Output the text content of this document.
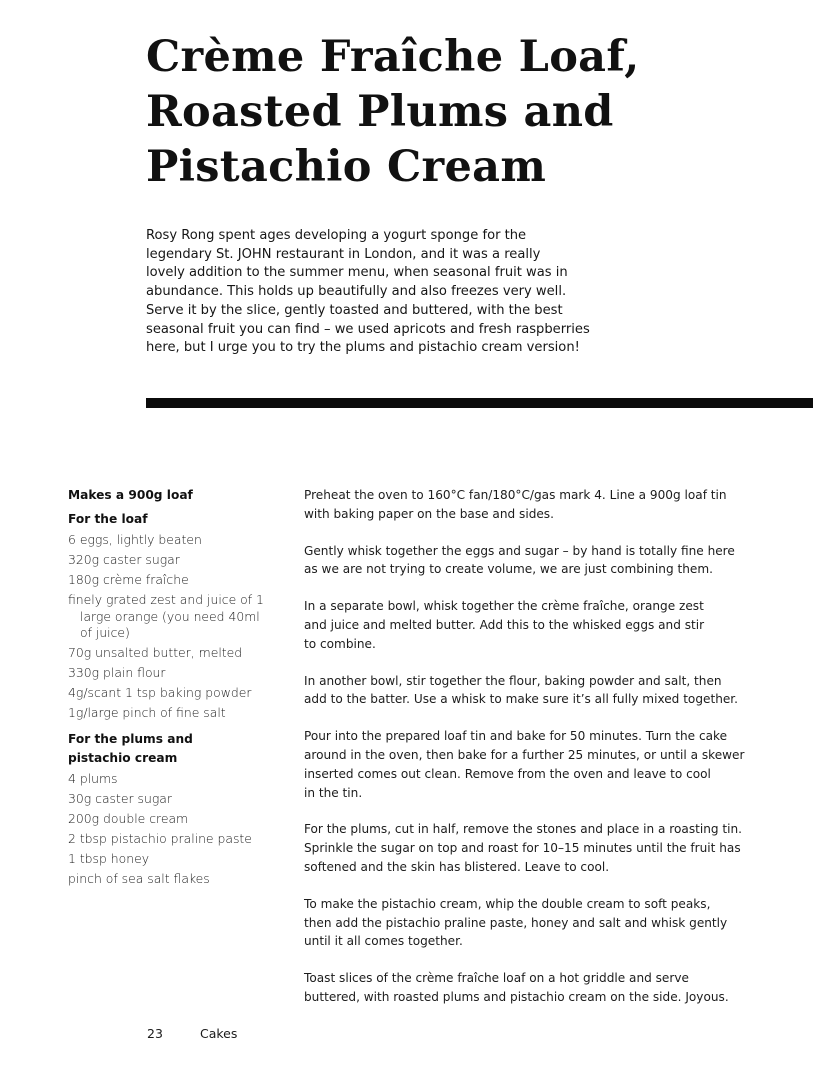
Crème Fraîche Loaf,
Roasted Plums and
Pistachio Cream

Rosy Rong spent ages developing a yogurt sponge for the
legendary St. JOHN restaurant in London, and it was a really
lovely addition to the summer menu, when seasonal fruit was in
abundance. This holds up beautifully and also freezes very well.
Serve it by the slice, gently toasted and buttered, with the best
seasonal fruit you can find – we used apricots and fresh raspberries
here, but I urge you to try the plums and pistachio cream version!

Makes a 900g loaf
For the loaf
6 eggs, lightly beaten
320g caster sugar
180g crème fraîche
finely grated zest and juice of 1
large orange (you need 40ml
of juice)
70g unsalted butter, melted
330g plain flour
4g/scant 1 tsp baking powder
1g/large pinch of fine salt
For the plums and
pistachio cream
4 plums
30g caster sugar
200g double cream
2 tbsp pistachio praline paste
1 tbsp honey
pinch of sea salt flakes

Preheat the oven to 160°C fan/180°C/gas mark 4. Line a 900g loaf tin
with baking paper on the base and sides.

Gently whisk together the eggs and sugar – by hand is totally fine here
as we are not trying to create volume, we are just combining them.

In a separate bowl, whisk together the crème fraîche, orange zest
and juice and melted butter. Add this to the whisked eggs and stir
to combine.

In another bowl, stir together the flour, baking powder and salt, then
add to the batter. Use a whisk to make sure it’s all fully mixed together.

Pour into the prepared loaf tin and bake for 50 minutes. Turn the cake
around in the oven, then bake for a further 25 minutes, or until a skewer
inserted comes out clean. Remove from the oven and leave to cool
in the tin.

For the plums, cut in half, remove the stones and place in a roasting tin.
Sprinkle the sugar on top and roast for 10–15 minutes until the fruit has
softened and the skin has blistered. Leave to cool.

To make the pistachio cream, whip the double cream to soft peaks,
then add the pistachio praline paste, honey and salt and whisk gently
until it all comes together.

Toast slices of the crème fraîche loaf on a hot griddle and serve
buttered, with roasted plums and pistachio cream on the side. Joyous.

23	Cakes
